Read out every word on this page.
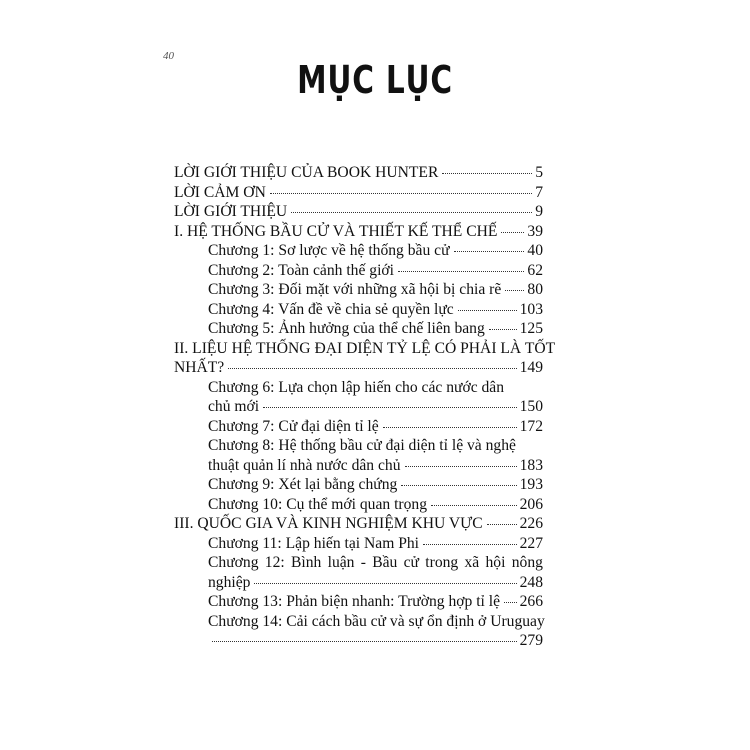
40
MỤC LỤC
LỜI GIỚI THIỆU CỦA BOOK HUNTER	5
LỜI CẢM ƠN	7
LỜI GIỚI THIỆU	9
I. HỆ THỐNG BẦU CỬ VÀ THIẾT KẾ THỂ CHẾ 39
Chương 1: Sơ lược về hệ thống bầu cử	40
Chương 2: Toàn cảnh thế giới	62
Chương 3: Đối mặt với những xã hội bị chia rẽ 80
Chương 4: Vấn đề về chia sẻ quyền lực	103
Chương 5: Ảnh hưởng của thể chế liên bang 125
II. LIỆU HỆ THỐNG ĐẠI DIỆN TỶ LỆ CÓ PHẢI LÀ TỐT
NHẤT?	149
Chương 6: Lựa chọn lập hiến cho các nước dân
chủ mới	150
Chương 7: Cử đại diện tỉ lệ	172
Chương 8: Hệ thống bầu cử đại diện tỉ lệ và nghệ
thuật quản lí nhà nước dân chủ	183
Chương 9: Xét lại bằng chứng	193
Chương 10: Cụ thể mới quan trọng	206
III. QUỐC GIA VÀ KINH NGHIỆM KHU VỰC 226
Chương 11: Lập hiến tại Nam Phi	227
Chương 12: Bình luận - Bầu cử trong xã hội nông
nghiệp	248
Chương 13: Phản biện nhanh: Trường hợp tỉ lệ 266
Chương 14: Cải cách bầu cử và sự ổn định ở Uruguay
279
